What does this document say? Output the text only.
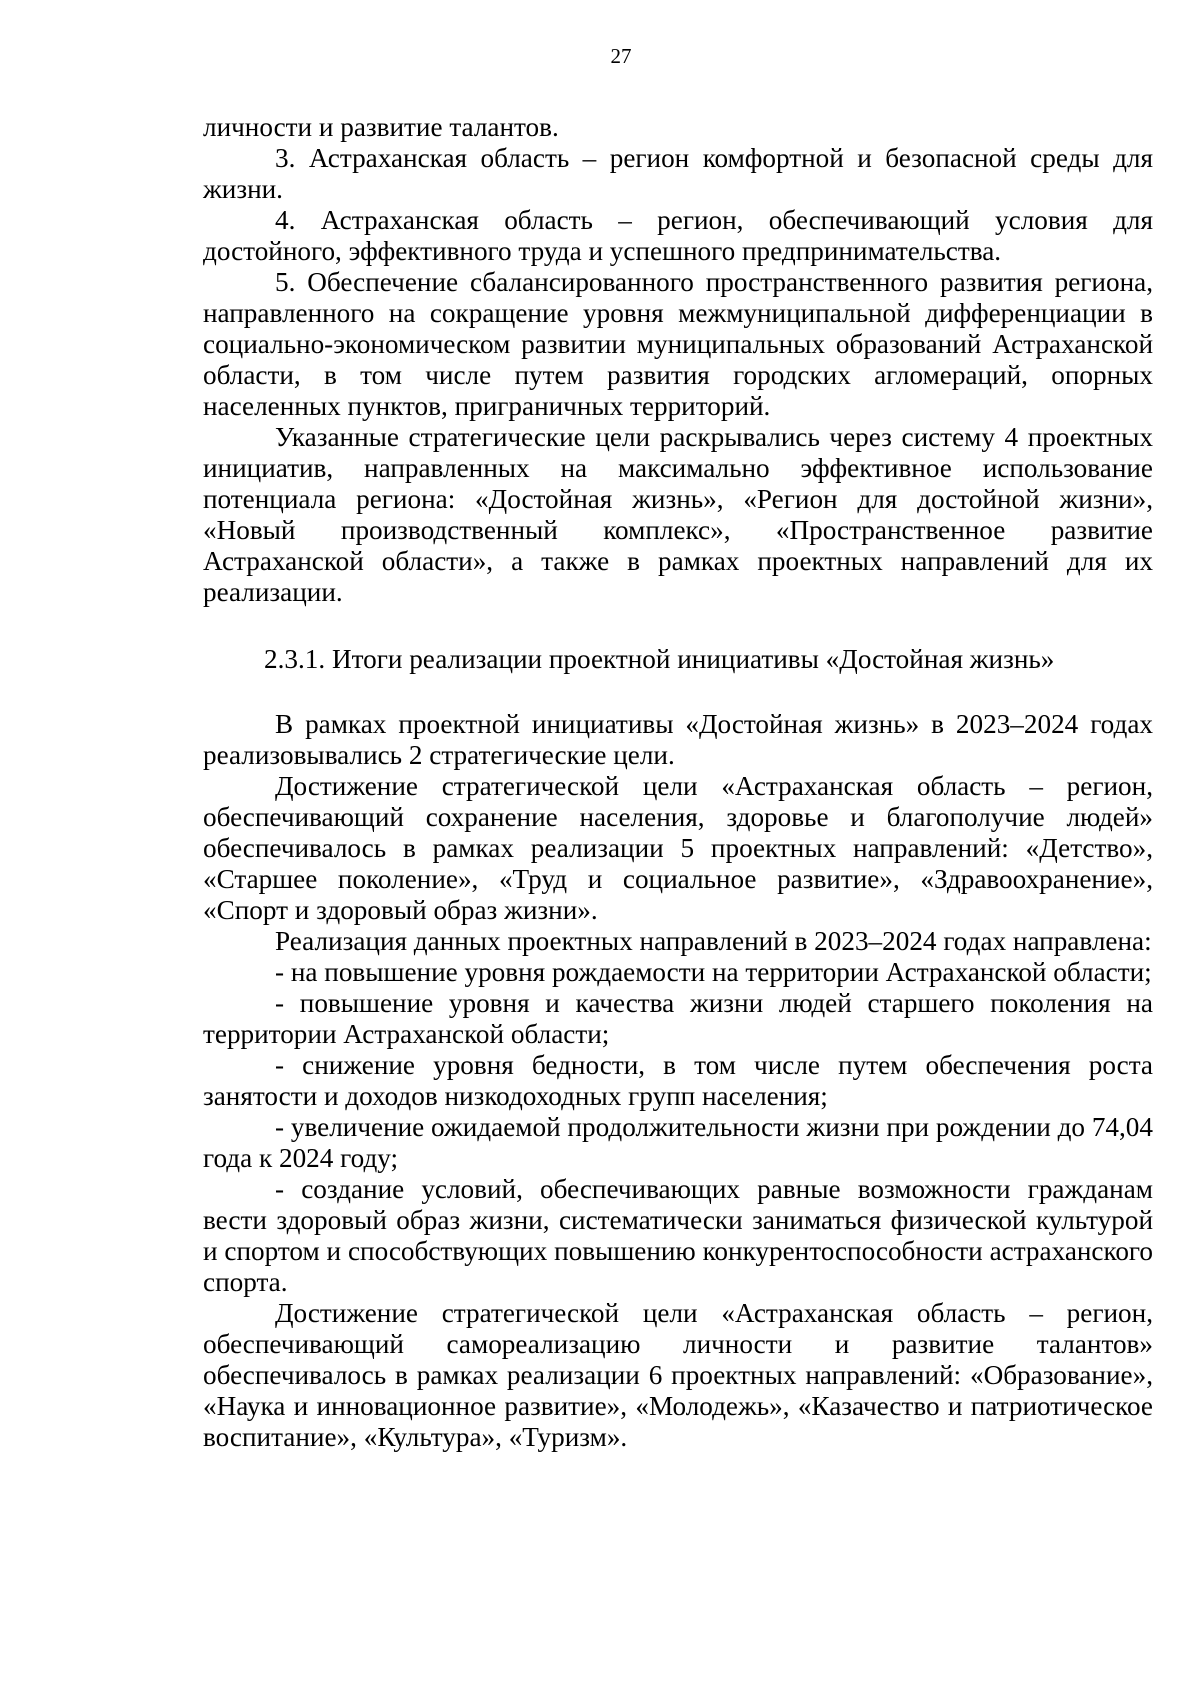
27

личности и развитие талантов.

3. Астраханская область – регион комфортной и безопасной среды для жизни.

4. Астраханская область – регион, обеспечивающий условия для достойного, эффективного труда и успешного предпринимательства.

5. Обеспечение сбалансированного пространственного развития региона, направленного на сокращение уровня межмуниципальной дифференциации в социально-экономическом развитии муниципальных образований Астраханской области, в том числе путем развития городских агломераций, опорных населенных пунктов, приграничных территорий.

Указанные стратегические цели раскрывались через систему 4 проектных инициатив, направленных на максимально эффективное использование потенциала региона: «Достойная жизнь», «Регион для достойной жизни», «Новый производственный комплекс», «Пространственное развитие Астраханской области», а также в рамках проектных направлений для их реализации.

2.3.1. Итоги реализации проектной инициативы «Достойная жизнь»

В рамках проектной инициативы «Достойная жизнь» в 2023–2024 годах реализовывались 2 стратегические цели.

Достижение стратегической цели «Астраханская область – регион, обеспечивающий сохранение населения, здоровье и благополучие людей» обеспечивалось в рамках реализации 5 проектных направлений: «Детство», «Старшее поколение», «Труд и социальное развитие», «Здравоохранение», «Спорт и здоровый образ жизни».

Реализация данных проектных направлений в 2023–2024 годах направлена:

- на повышение уровня рождаемости на территории Астраханской области;

- повышение уровня и качества жизни людей старшего поколения на территории Астраханской области;

- снижение уровня бедности, в том числе путем обеспечения роста занятости и доходов низкодоходных групп населения;

- увеличение ожидаемой продолжительности жизни при рождении до 74,04 года к 2024 году;

- создание условий, обеспечивающих равные возможности гражданам вести здоровый образ жизни, систематически заниматься физической культурой и спортом и способствующих повышению конкурентоспособности астраханского спорта.

Достижение стратегической цели «Астраханская область – регион, обеспечивающий самореализацию личности и развитие талантов» обеспечивалось в рамках реализации 6 проектных направлений: «Образование», «Наука и инновационное развитие», «Молодежь», «Казачество и патриотическое воспитание», «Культура», «Туризм».
